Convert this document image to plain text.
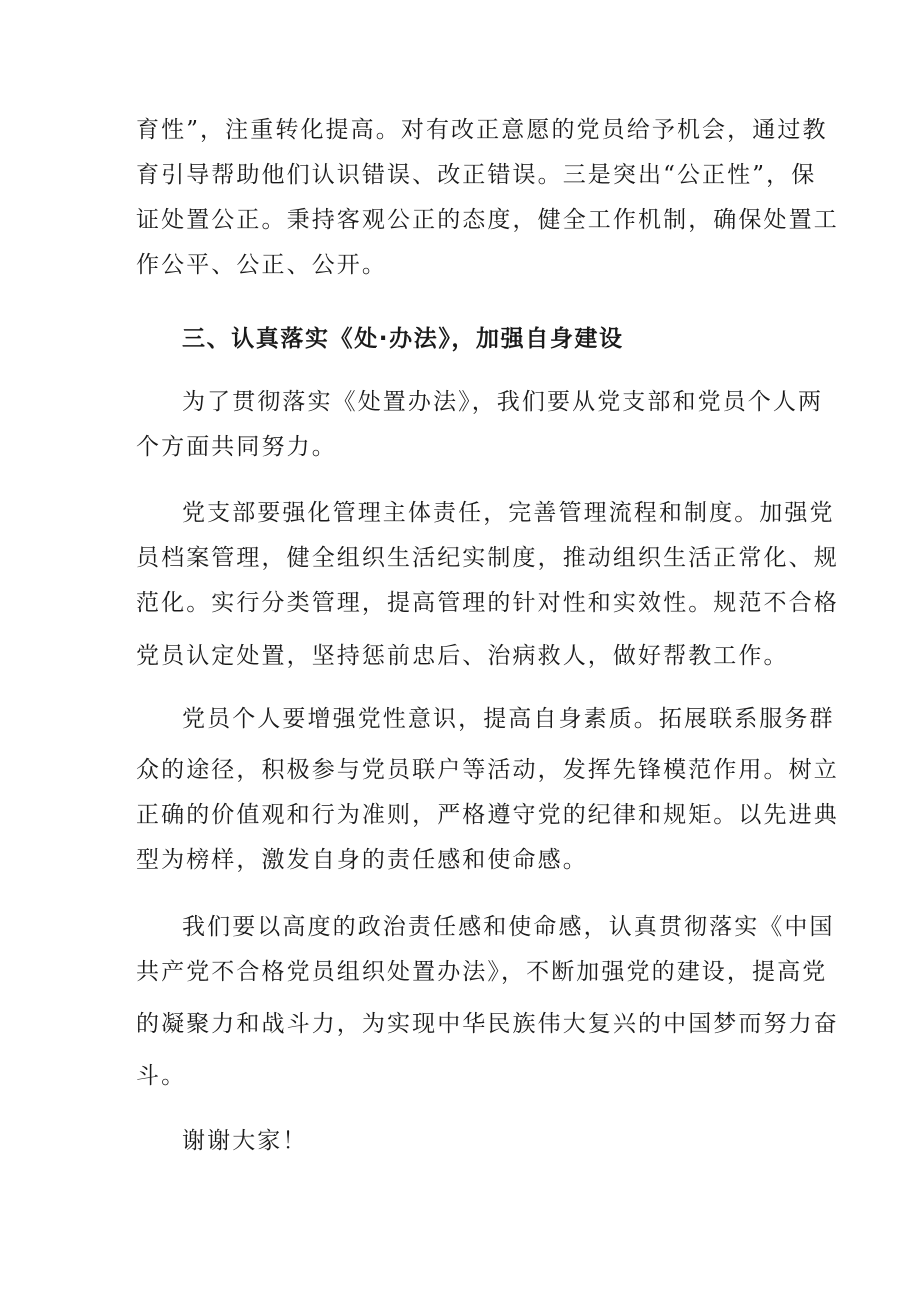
育性”，注重转化提高。对有改正意愿的党员给予机会，通过教

育引导帮助他们认识错误、改正错误。三是突出“公正性”，保

证处置公正。秉持客观公正的态度，健全工作机制，确保处置工

作公平、公正、公开。

三、认真落实《处·办法》，加强自身建设

为了贯彻落实《处置办法》，我们要从党支部和党员个人两

个方面共同努力。

党支部要强化管理主体责任，完善管理流程和制度。加强党

员档案管理，健全组织生活纪实制度，推动组织生活正常化、规

范化。实行分类管理，提高管理的针对性和实效性。规范不合格

党员认定处置，坚持惩前忠后、治病救人，做好帮教工作。

党员个人要增强党性意识，提高自身素质。拓展联系服务群

众的途径，积极参与党员联户等活动，发挥先锋模范作用。树立

正确的价值观和行为准则，严格遵守党的纪律和规矩。以先进典

型为榜样，激发自身的责任感和使命感。

我们要以高度的政治责任感和使命感，认真贯彻落实《中国

共产党不合格党员组织处置办法》，不断加强党的建设，提高党

的凝聚力和战斗力，为实现中华民族伟大复兴的中国梦而努力奋

斗。

谢谢大家！
